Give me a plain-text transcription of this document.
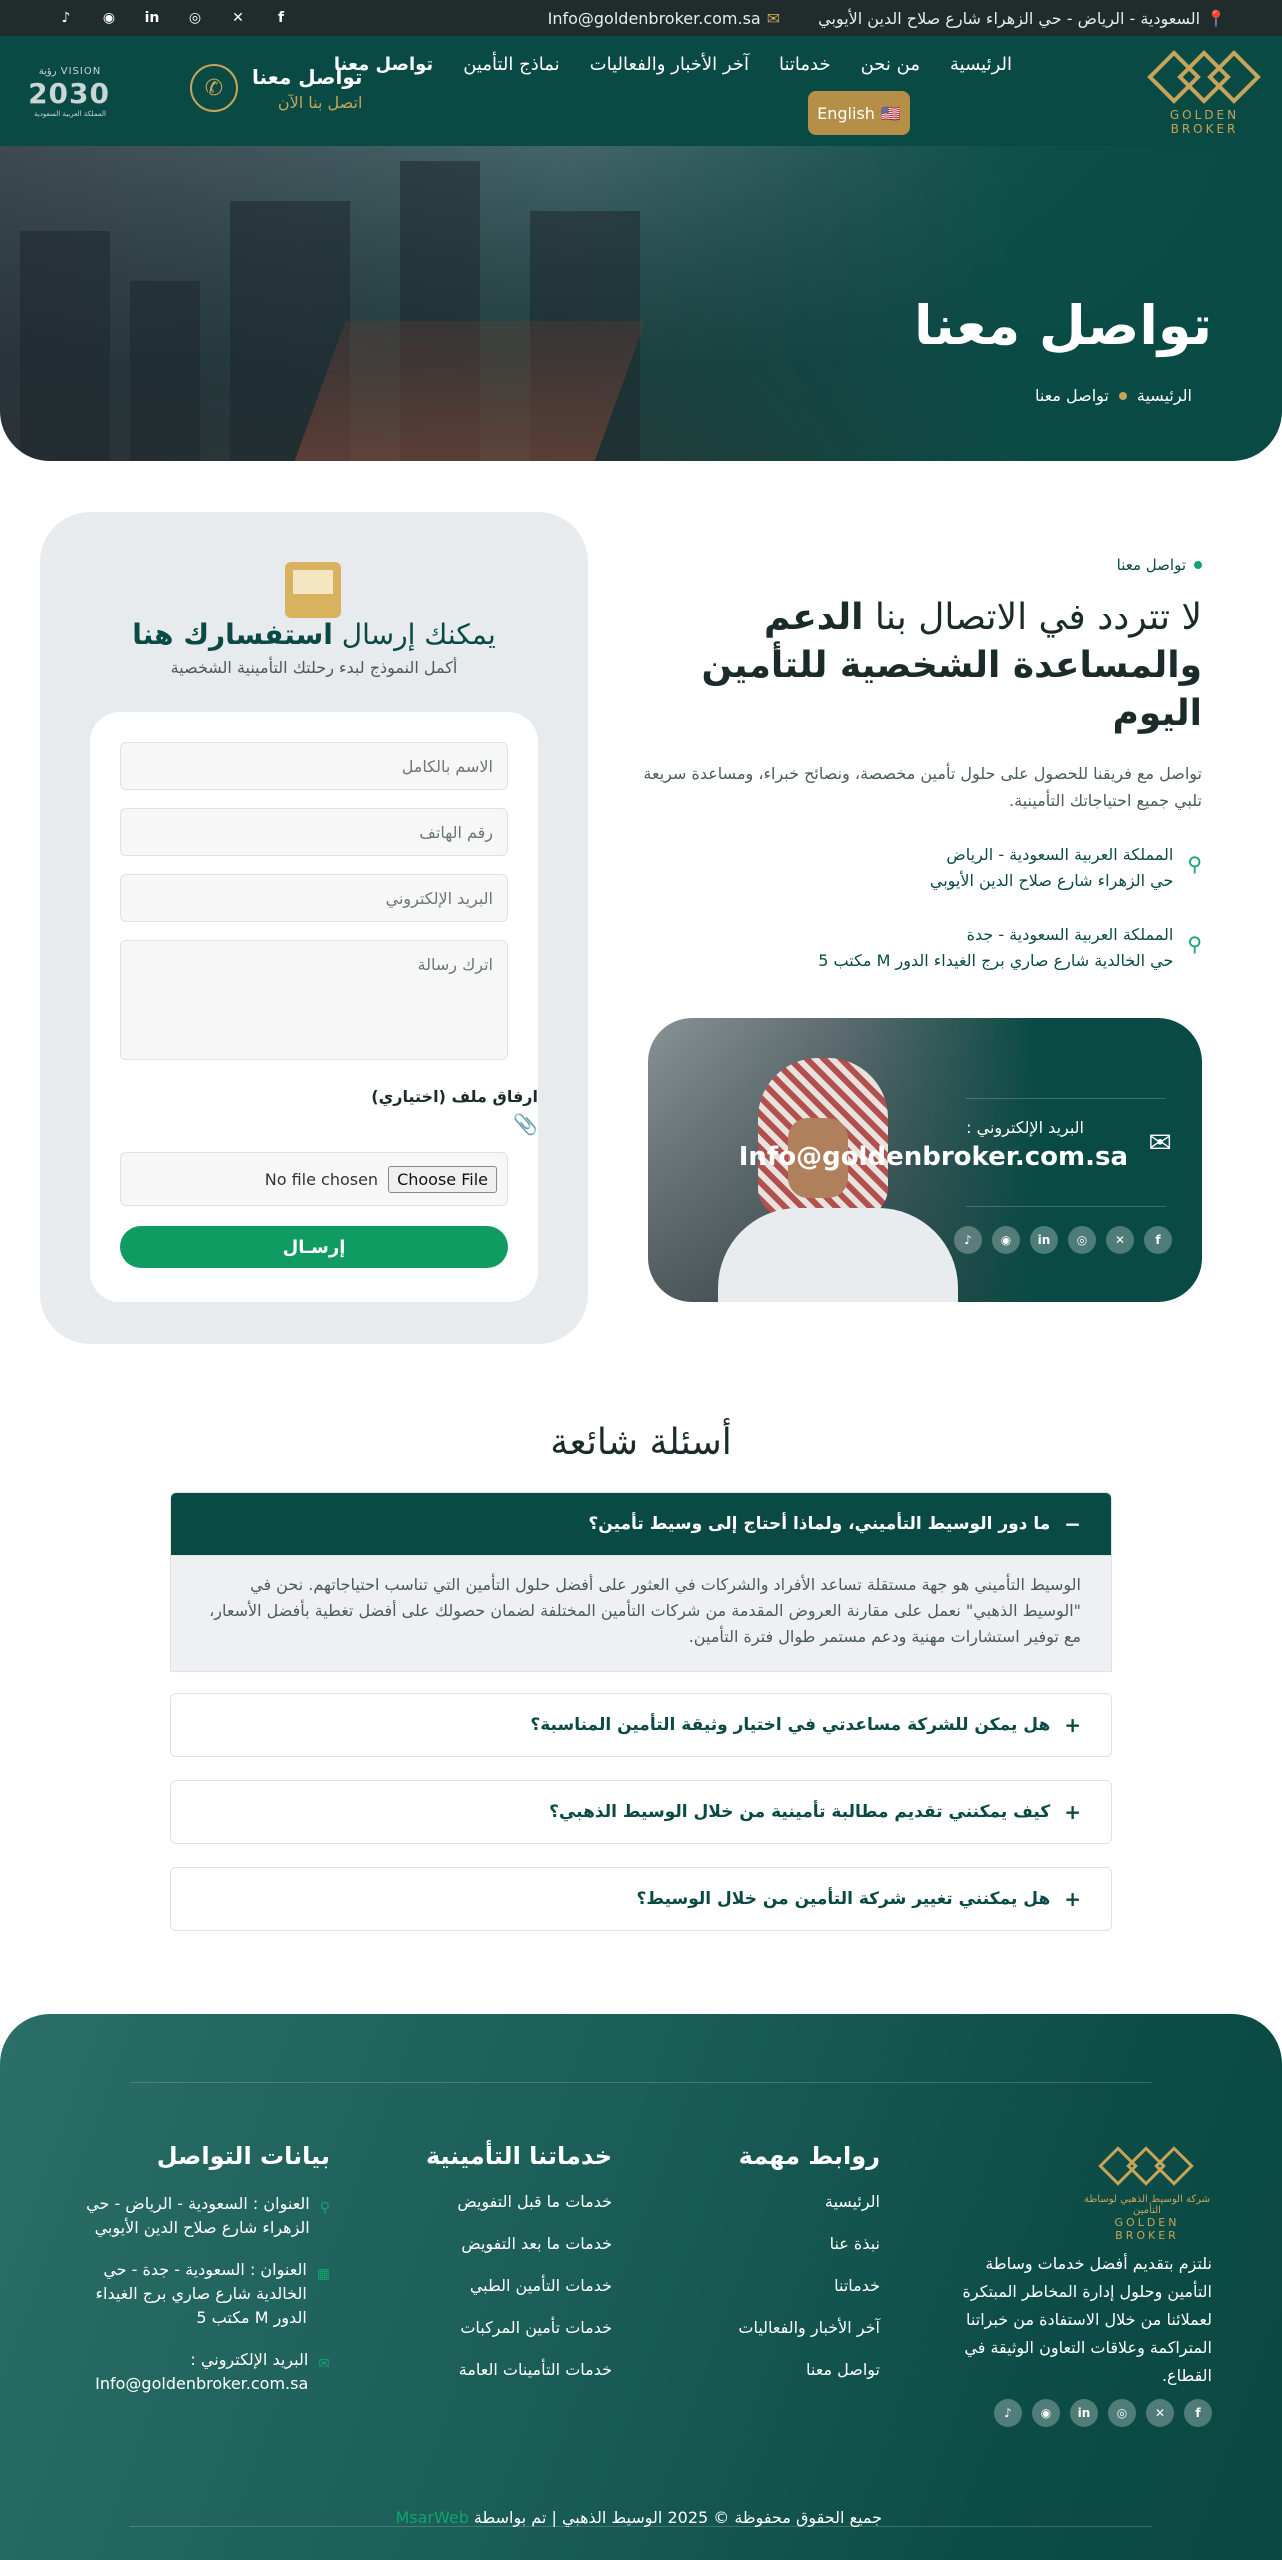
📍
السعودية - الرياض - حي الزهراء شارع صلاح الدين الأيوبي
✉
Info@goldenbroker.com.sa
♪	◉ in ◎ ✕	f
GOLDEN BROKER
الرئيسية
من نحن
خدماتنا
آخر الأخبار والفعاليات
نماذج التأمين
تواصل معنا
English 🇺🇸
تواصل معنا
اتصل بنا الآن
✆
VISION رؤية
2030
المملكة العربية السعودية
تواصل معنا
الرئيسية
تواصل معنا
تواصل معنا
لا تتردد في الاتصال بنا الدعم والمساعدة الشخصية للتأمين اليوم

تواصل مع فريقنا للحصول على حلول تأمين مخصصة، ونصائح خبراء، ومساعدة سريعة تلبي جميع احتياجاتك التأمينية.

⚲
المملكة العربية السعودية - الرياض
حي الزهراء شارع صلاح الدين الأيوبي
⚲
المملكة العربية السعودية - جدة
حي الخالدية شارع صاري برج الغيداء الدور M مكتب 5
✉
البريد الإلكتروني :
Info@goldenbroker.com.sa
♪	◉	in	◎	✕	f
يمكنك إرسال استفسارك هنا
أكمل النموذج لبدء رحلتك التأمينية الشخصية
الاسم بالكامل
رقم الهاتف
البريد الإلكتروني
اترك رسالة
ارفاق ملف (اختياري)
📎
Choose File
No file chosen
إرسـال
أسئلة شائعة
−
ما دور الوسيط التأميني، ولماذا أحتاج إلى وسيط تأمين؟
الوسيط التأميني هو جهة مستقلة تساعد الأفراد والشركات في العثور على أفضل حلول التأمين التي تناسب احتياجاتهم. نحن في "الوسيط الذهبي" نعمل على مقارنة العروض المقدمة من شركات التأمين المختلفة لضمان حصولك على أفضل تغطية بأفضل الأسعار، مع توفير استشارات مهنية ودعم مستمر طوال فترة التأمين.
+
هل يمكن للشركة مساعدتي في اختيار وثيقة التأمين المناسبة؟
+
كيف يمكنني تقديم مطالبة تأمينية من خلال الوسيط الذهبي؟
+
هل يمكنني تغيير شركة التأمين من خلال الوسيط؟
شركة الوسيط الذهبي لوساطة التأمين
GOLDEN BROKER
نلتزم بتقديم أفضل خدمات وساطة التأمين وحلول إدارة المخاطر المبتكرة لعملائنا من خلال الاستفادة من خبراتنا المتراكمة وعلاقات التعاون الوثيقة في القطاع.
♪	◉	in	◎	✕	f
روابط مهمة
الرئيسية
نبذة عنا
خدماتنا
آخر الأخبار والفعاليات
تواصل معنا
خدماتنا التأمينية
خدمات ما قبل التفويض
خدمات ما بعد التفويض
خدمات التأمين الطبي
خدمات تأمين المركبات
خدمات التأمينات العامة
بيانات التواصل
⚲
العنوان : السعودية - الرياض - حي الزهراء شارع صلاح الدين الأيوبي
▦
العنوان : السعودية - جدة - حي الخالدية شارع صاري برج الغيداء الدور M مكتب 5
✉
البريد الإلكتروني : Info@goldenbroker.com.sa
جميع الحقوق محفوظة © 2025 الوسيط الذهبي | تم بواسطة MsarWeb
